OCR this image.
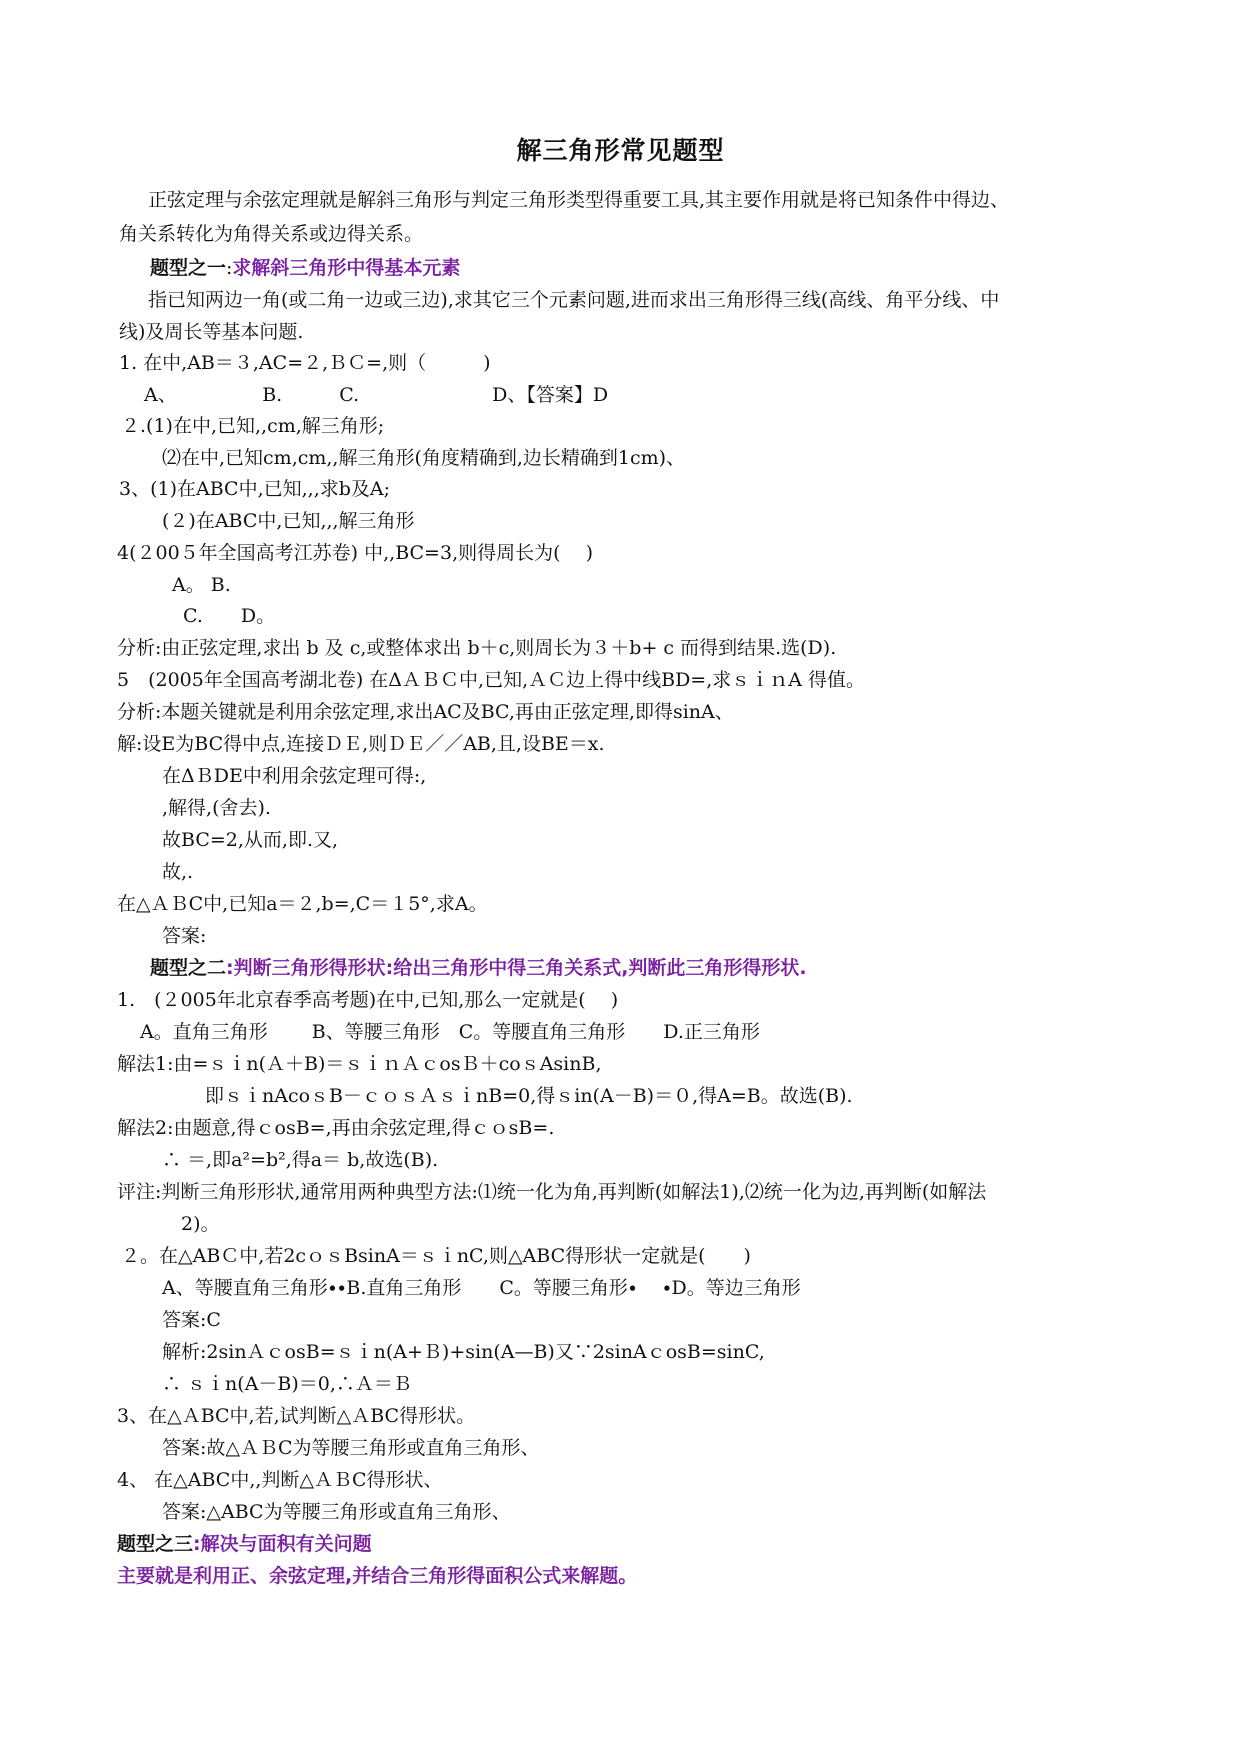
解三角形常见题型
正弦定理与余弦定理就是解斜三角形与判定三角形类型得重要工具,其主要作用就是将已知条件中得边、
角关系转化为角得关系或边得关系。
题型之一:求解斜三角形中得基本元素
指已知两边一角(或二角一边或三边),求其它三个元素问题,进而求出三角形得三线(高线、角平分线、中
线)及周长等基本问题.
1. 在中,AB＝３,AC=２,ＢＣ=,则（　　　)
A、　　　　　B.　　　C.　　　　　　　D、【答案】D
２.(1)在中,已知,,cm,解三角形;
⑵在中,已知cm,cm,,解三角形(角度精确到,边长精确到1cm)、
3、(1)在ABC中,已知,,,求b及A;
(２)在ABC中,已知,,,解三角形
4(２00５年全国高考江苏卷) 中,,BC=3,则得周长为(　 )
A。 B.
C.　　D。
分析:由正弦定理,求出 b 及 c,或整体求出 b＋c,则周长为３＋b+ c 而得到结果.选(D).
5　(2005年全国高考湖北卷) 在ΔＡＢＣ中,已知,ＡＣ边上得中线BD=,求ｓｉｎA 得值。
分析:本题关键就是利用余弦定理,求出AC及BC,再由正弦定理,即得sinA、
解:设E为BC得中点,连接ＤＥ,则ＤＥ／／AB,且,设BE＝x.
在ΔＢDE中利用余弦定理可得:,
,解得,(舍去).
故BC=2,从而,即.又,
故,.
在△ＡＢC中,已知a＝２,b=,C＝１5°,求A。
答案:
题型之二:判断三角形得形状:给出三角形中得三角关系式,判断此三角形得形状.
1.　(２005年北京春季高考题)在中,已知,那么一定就是(　 )
A。直角三角形　　 B、等腰三角形　C。等腰直角三角形　　D.正三角形
解法1:由=ｓｉn(Ａ＋B)＝ｓｉｎＡｃosＢ＋coｓAsinB,
即ｓｉnAcoｓB－ｃｏｓＡｓｉnB=0,得ｓin(A－B)＝０,得A=B。故选(B).
解法2:由题意,得ｃosB=,再由余弦定理,得ｃｏsB=.
∴ ＝,即a²=b²,得a＝ b,故选(B).
评注:判断三角形形状,通常用两种典型方法:⑴统一化为角,再判断(如解法1),⑵统一化为边,再判断(如解法
2)。
２。在△ABＣ中,若2cｏｓBsinA＝ｓｉnC,则△ABC得形状一定就是(　　)
A、等腰直角三角形∙∙B.直角三角形　　C。等腰三角形∙　 ∙D。等边三角形
答案:C
解析:2sinＡｃosB=ｓｉn(A+Ｂ)+sin(A—B)又∵2sinAｃosB=sinC,
∴ ｓｉn(A－B)＝0,∴Ａ＝Ｂ
3、在△ＡBC中,若,试判断△ＡBC得形状。
答案:故△ＡＢC为等腰三角形或直角三角形、
4、 在△ABC中,,判断△ＡＢC得形状、
答案:△ABC为等腰三角形或直角三角形、
题型之三:解决与面积有关问题
主要就是利用正、余弦定理,并结合三角形得面积公式来解题。
